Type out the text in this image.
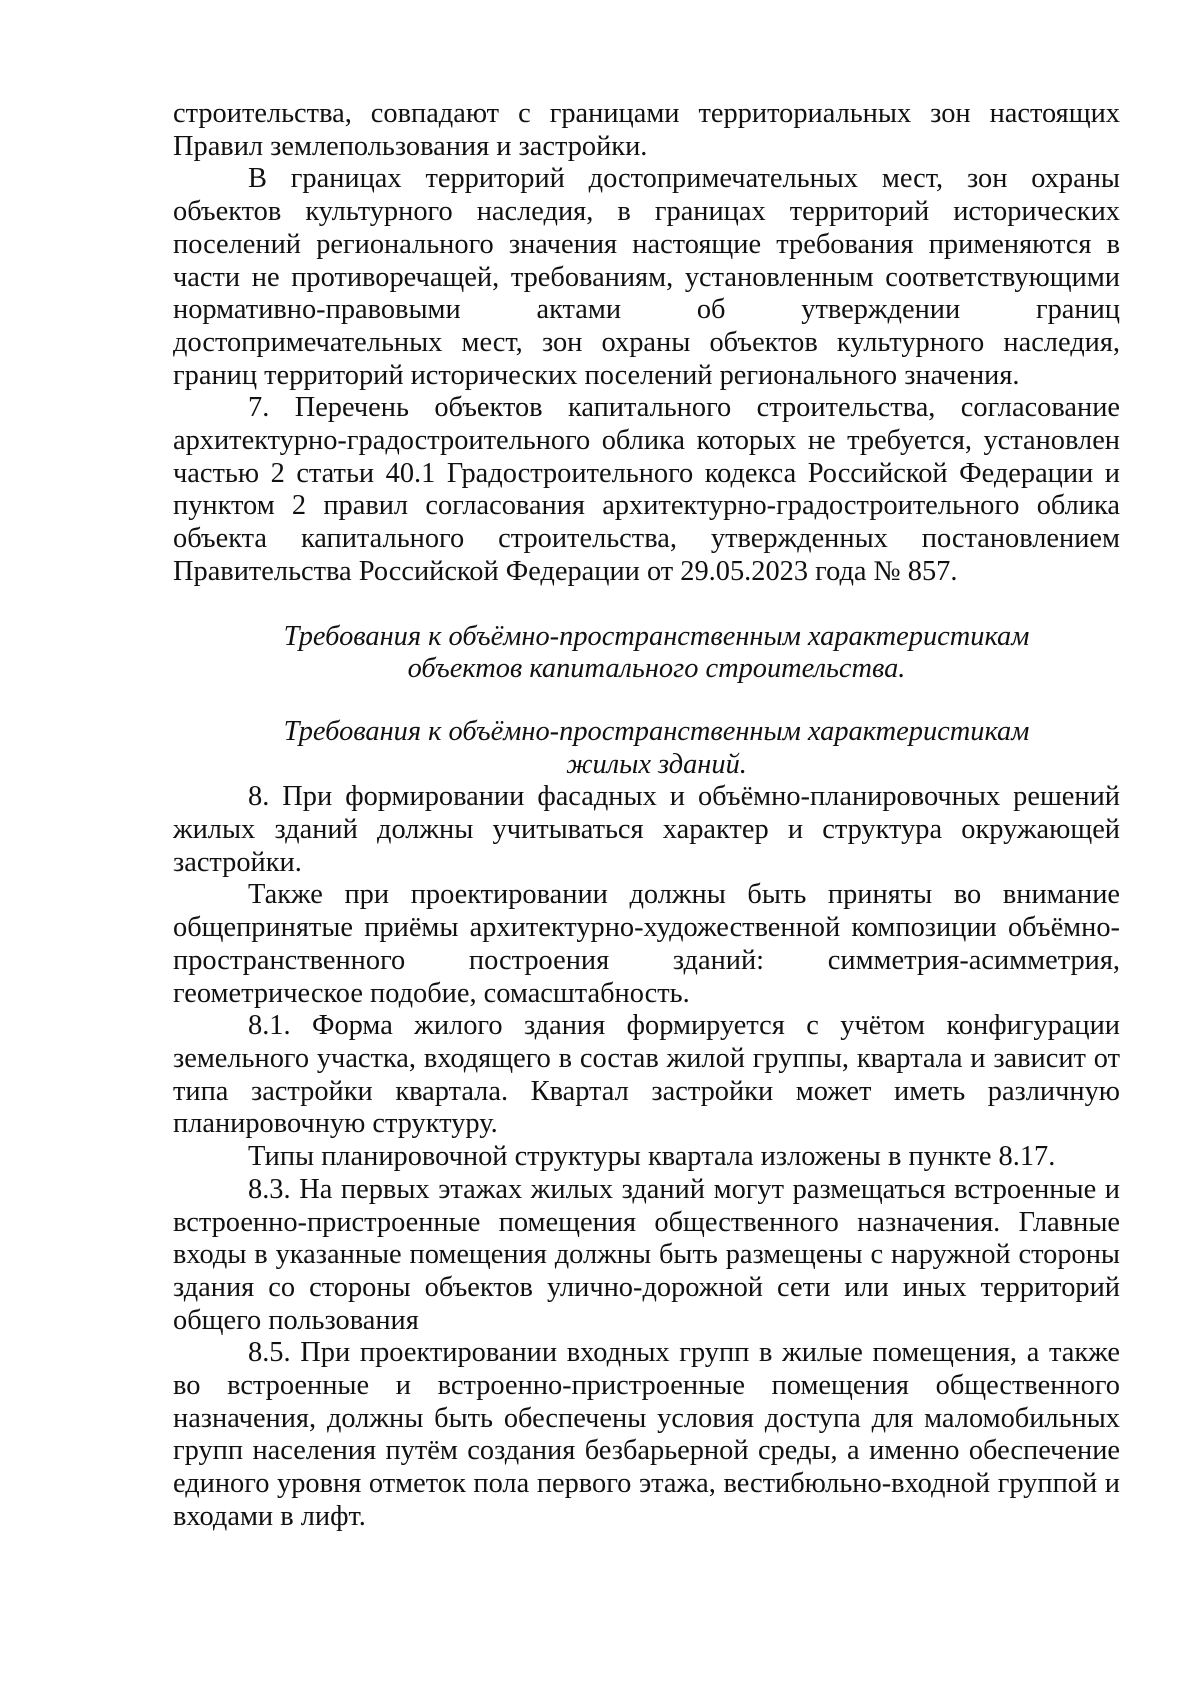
строительства, совпадают с границами территориальных зон настоящих Правил землепользования и застройки.

В границах территорий достопримечательных мест, зон охраны объектов культурного наследия, в границах территорий исторических поселений регионального значения настоящие требования применяются в части не противоречащей, требованиям, установленным соответствующими нормативно-правовыми актами об утверждении границ достопримечательных мест, зон охраны объектов культурного наследия, границ территорий исторических поселений регионального значения.

7. Перечень объектов капитального строительства, согласование архитектурно-градостроительного облика которых не требуется, установлен частью 2 статьи 40.1 Градостроительного кодекса Российской Федерации и пунктом 2 правил согласования архитектурно-градостроительного облика объекта капитального строительства, утвержденных постановлением Правительства Российской Федерации от 29.05.2023 года № 857.

Требования к объёмно-пространственным характеристикам
объектов капитального строительства.
Требования к объёмно-пространственным характеристикам
жилых зданий.

8. При формировании фасадных и объёмно-планировочных решений жилых зданий должны учитываться характер и структура окружающей застройки.

Также при проектировании должны быть приняты во внимание общепринятые приёмы архитектурно-художественной композиции объёмно-пространственного построения зданий: симметрия-асимметрия, геометрическое подобие, сомасштабность.

8.1. Форма жилого здания формируется с учётом конфигурации земельного участка, входящего в состав жилой группы, квартала и зависит от типа застройки квартала. Квартал застройки может иметь различную планировочную структуру.

Типы планировочной структуры квартала изложены в пункте 8.17.

8.3. На первых этажах жилых зданий могут размещаться встроенные и встроенно-пристроенные помещения общественного назначения. Главные входы в указанные помещения должны быть размещены с наружной стороны здания со стороны объектов улично-дорожной сети или иных территорий общего пользования

8.5. При проектировании входных групп в жилые помещения, а также во встроенные и встроенно-пристроенные помещения общественного назначения, должны быть обеспечены условия доступа для маломобильных групп населения путём создания безбарьерной среды, а именно обеспечение единого уровня отметок пола первого этажа, вестибюльно-входной группой и входами в лифт.
